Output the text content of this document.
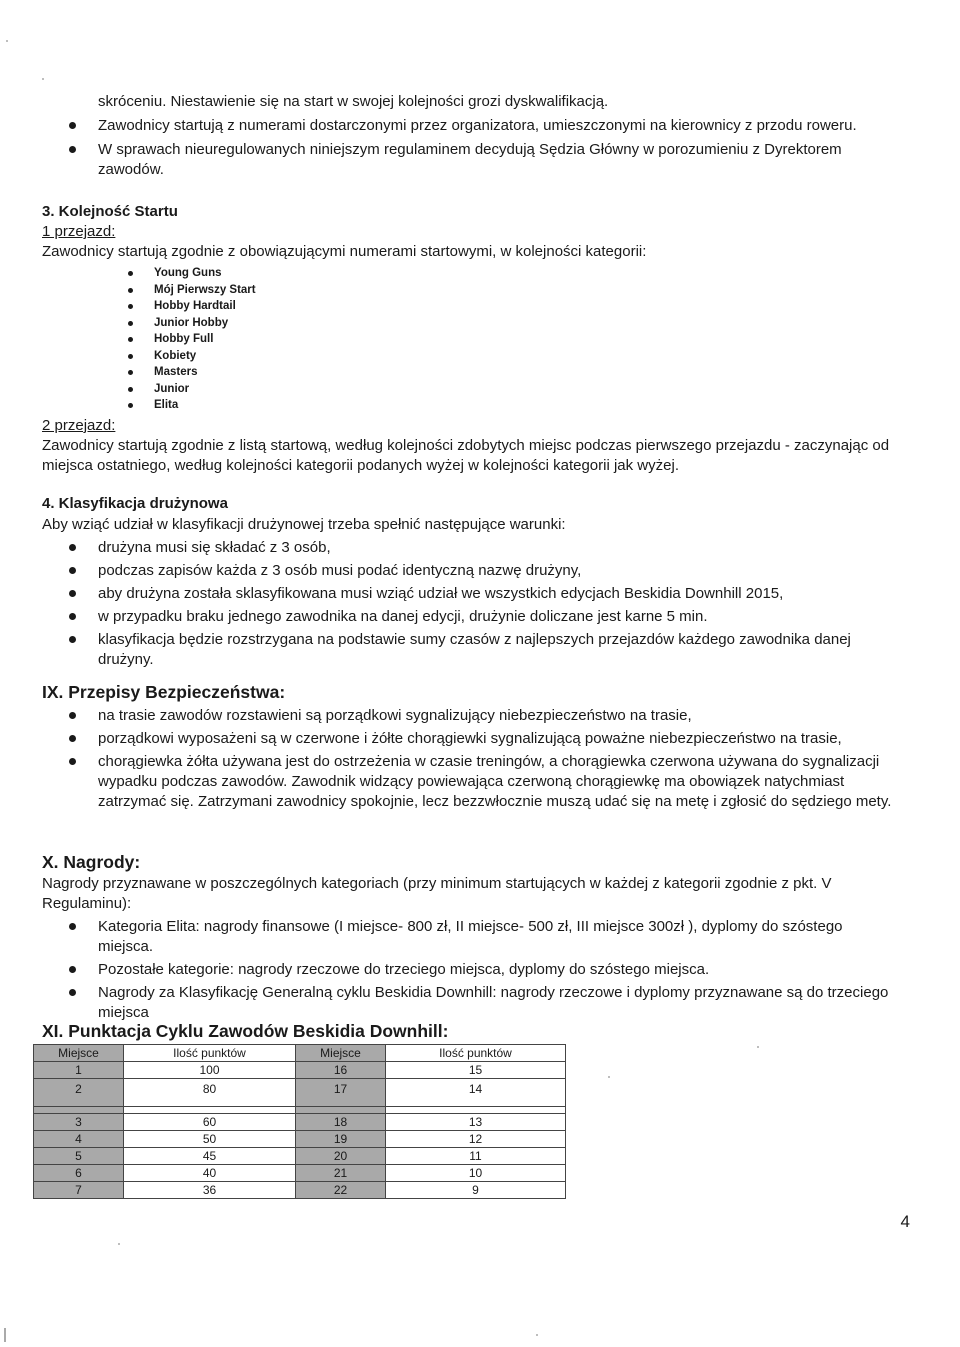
skróceniu. Niestawienie się na start w swojej kolejności grozi dyskwalifikacją.

Zawodnicy startują z numerami dostarczonymi przez organizatora, umieszczonymi na kierownicy z przodu roweru.
W sprawach nieuregulowanych niniejszym regulaminem decydują Sędzia Główny w porozumieniu z Dyrektorem zawodów.

3. Kolejność Startu

1 przejazd:

Zawodnicy startują zgodnie z obowiązującymi numerami startowymi, w kolejności kategorii:

Young Guns
Mój Pierwszy Start
Hobby Hardtail
Junior Hobby
Hobby Full
Kobiety
Masters
Junior
Elita

2 przejazd:

Zawodnicy startują zgodnie z listą startową, według kolejności zdobytych miejsc podczas pierwszego przejazdu - zaczynając od miejsca ostatniego, według kolejności kategorii podanych wyżej w kolejności kategorii jak wyżej.

4. Klasyfikacja drużynowa

Aby wziąć udział w klasyfikacji drużynowej trzeba spełnić następujące warunki:

drużyna musi się składać z 3 osób,
podczas zapisów każda z 3 osób musi podać identyczną nazwę drużyny,
aby drużyna została sklasyfikowana musi wziąć udział we wszystkich edycjach Beskidia Downhill 2015,
w przypadku braku jednego zawodnika na danej edycji, drużynie doliczane jest karne 5 min.
klasyfikacja będzie rozstrzygana na podstawie sumy czasów z najlepszych przejazdów każdego zawodnika danej drużyny.

IX. Przepisy Bezpieczeństwa:

na trasie zawodów rozstawieni są porządkowi sygnalizujący niebezpieczeństwo na trasie,
porządkowi wyposażeni są w czerwone i żółte chorągiewki sygnalizującą poważne niebezpieczeństwo na trasie,
chorągiewka żółta używana jest do ostrzeżenia w czasie treningów, a chorągiewka czerwona używana do sygnalizacji wypadku podczas zawodów. Zawodnik widzący powiewająca czerwoną chorągiewkę ma obowiązek natychmiast zatrzymać się. Zatrzymani zawodnicy spokojnie, lecz bezzwłocznie muszą udać się na metę i zgłosić do sędziego mety.

X. Nagrody:

Nagrody przyznawane w poszczególnych kategoriach (przy minimum startujących w każdej z kategorii zgodnie z pkt. V Regulaminu):

Kategoria Elita: nagrody finansowe (I miejsce- 800 zł, II miejsce- 500 zł, III miejsce 300zł ), dyplomy do szóstego miejsca.
Pozostałe kategorie: nagrody rzeczowe do trzeciego miejsca, dyplomy do szóstego miejsca.
Nagrody za Klasyfikację Generalną cyklu Beskidia Downhill: nagrody rzeczowe i dyplomy przyznawane są do trzeciego miejsca

XI. Punktacja Cyklu Zawodów Beskidia Downhill:

Miejsce	Ilość punktów	Miejsce	Ilość punktów
1	100	16	15
2	80	17	14

3	60	18	13
4	50	19	12
5	45	20	11
6	40	21	10
7	36	22	9
4
